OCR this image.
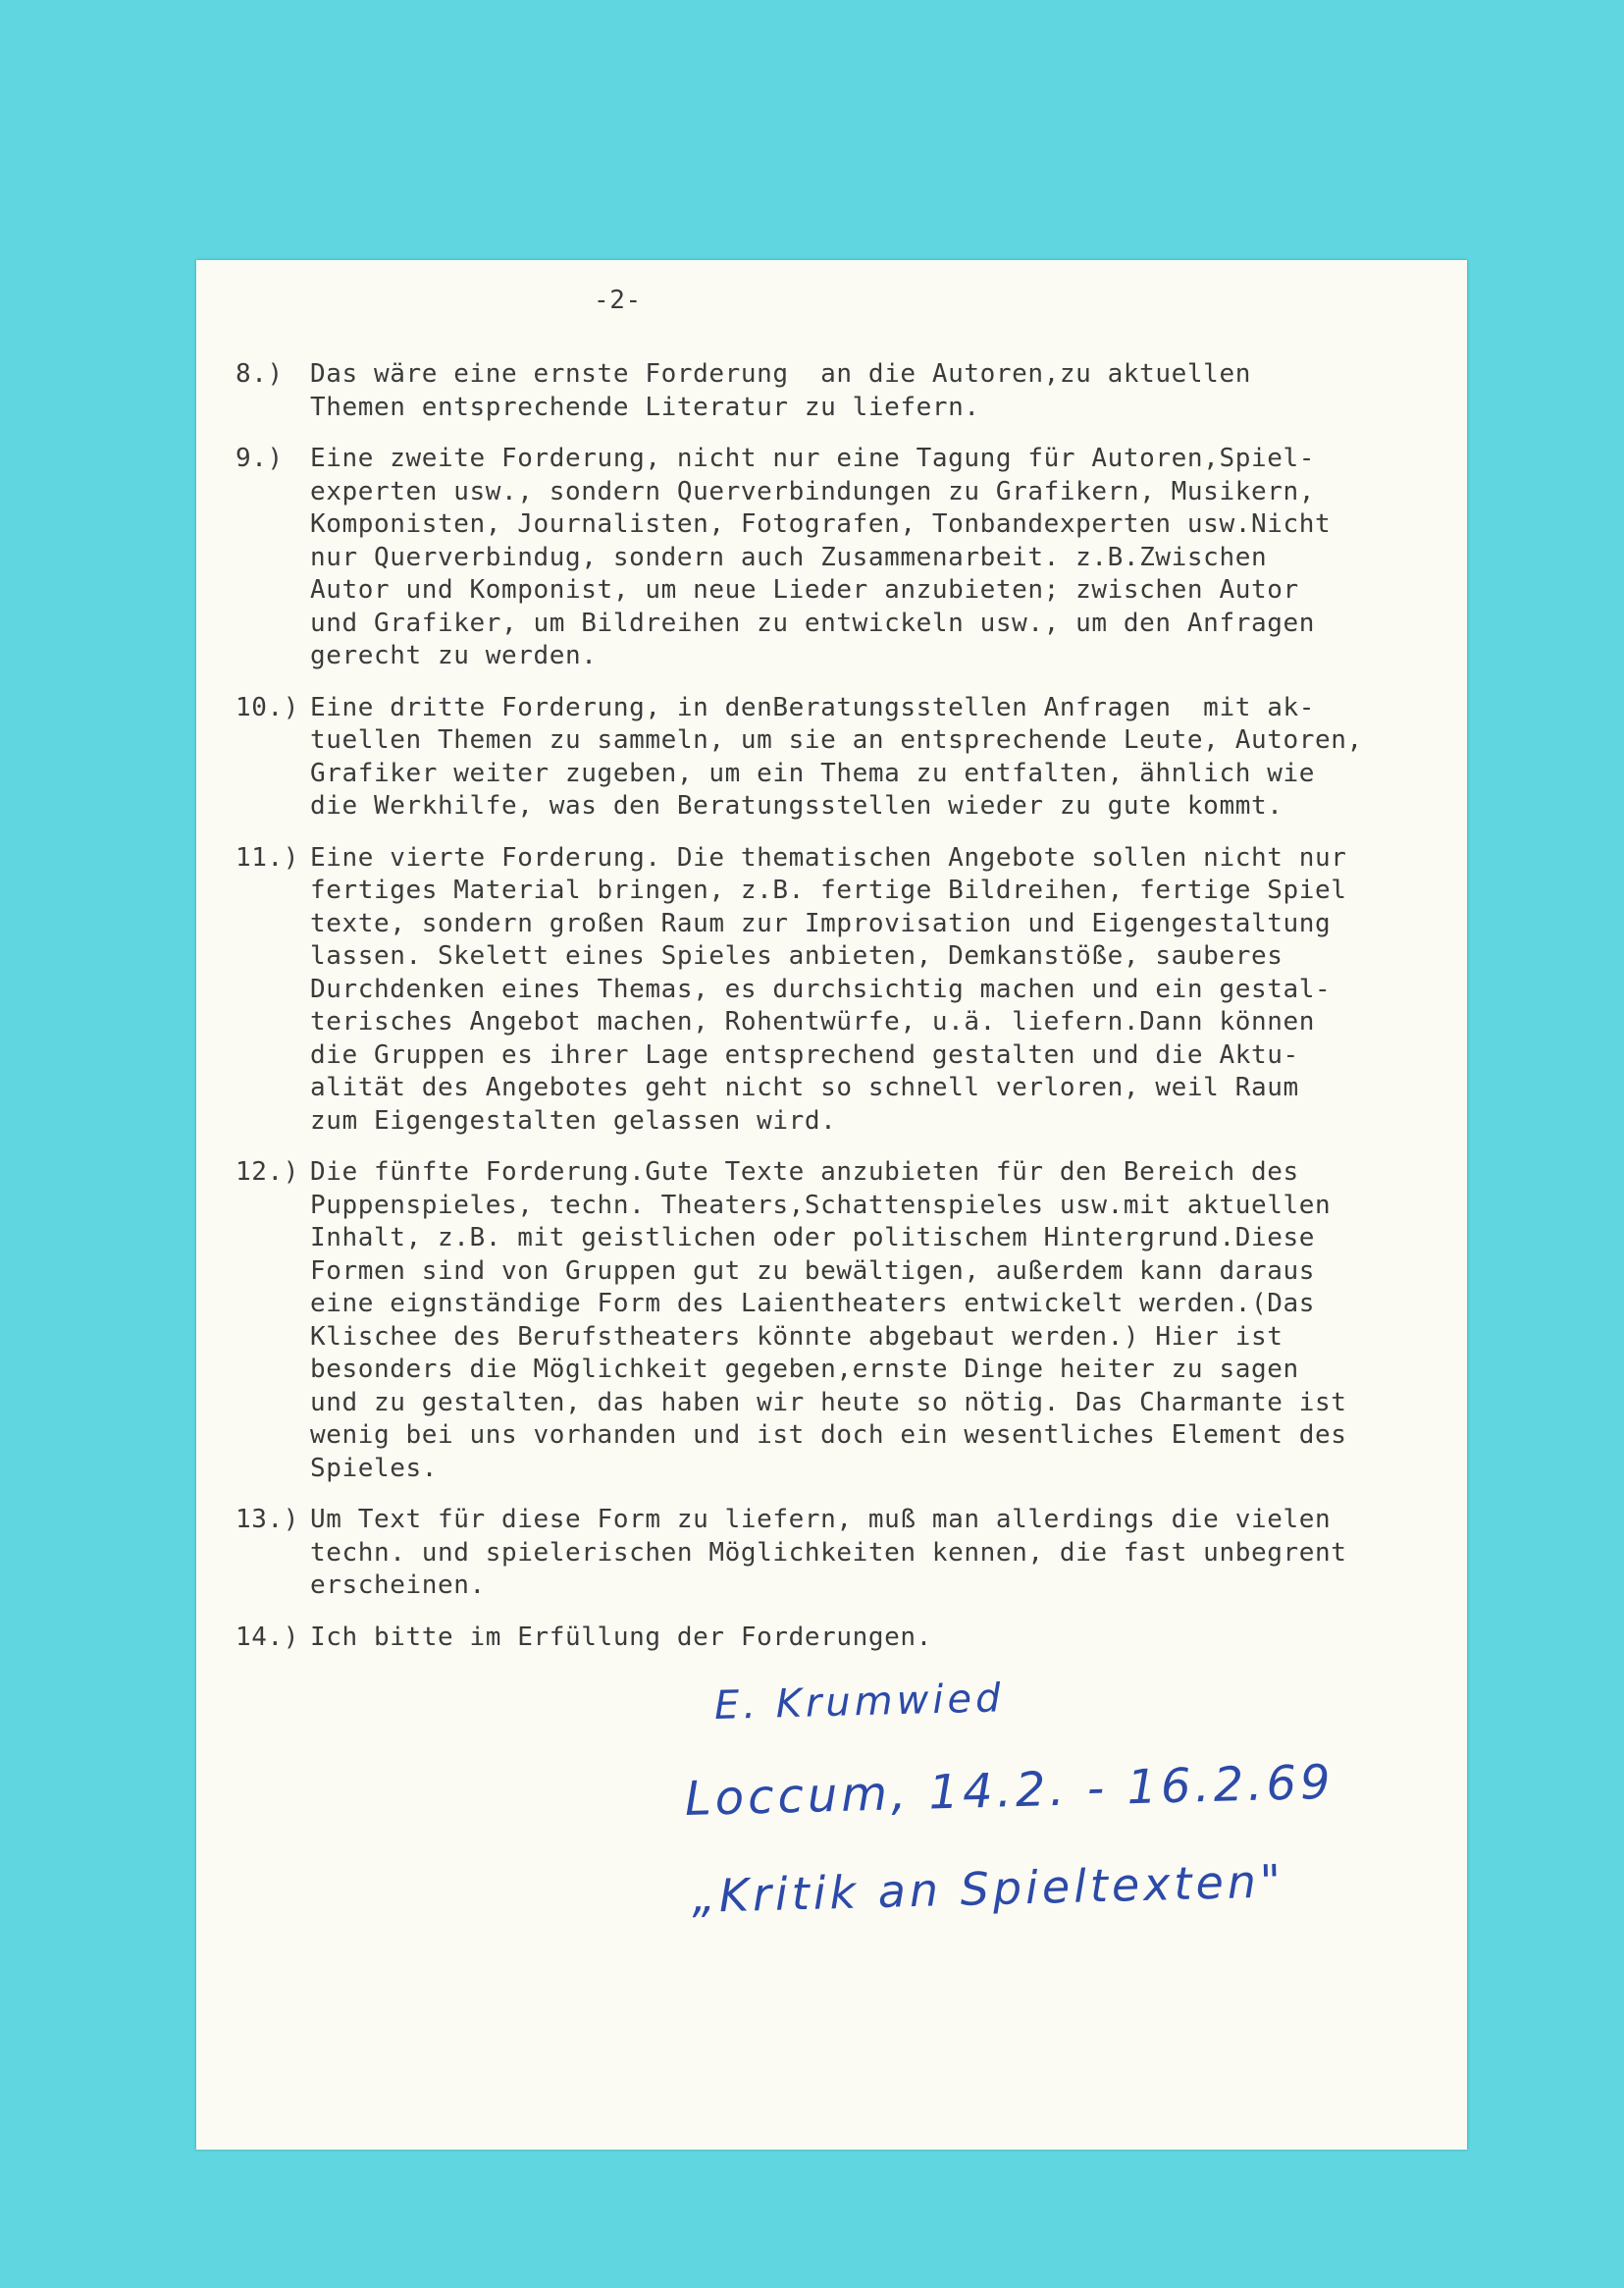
-2-

8.)	Das wäre eine ernste Forderung  an die Autoren,zu aktuellen
Themen entsprechende Literatur zu liefern.
9.)	Eine zweite Forderung, nicht nur eine Tagung für Autoren,Spiel-
experten usw., sondern Querverbindungen zu Grafikern, Musikern,
Komponisten, Journalisten, Fotografen, Tonbandexperten usw.Nicht
nur Querverbindug, sondern auch Zusammenarbeit. z.B.Zwischen
Autor und Komponist, um neue Lieder anzubieten; zwischen Autor
und Grafiker, um Bildreihen zu entwickeln usw., um den Anfragen
gerecht zu werden.
10.) Eine dritte Forderung, in denBeratungsstellen Anfragen  mit ak-
tuellen Themen zu sammeln, um sie an entsprechende Leute, Autoren,
Grafiker weiter zugeben, um ein Thema zu entfalten, ähnlich wie
die Werkhilfe, was den Beratungsstellen wieder zu gute kommt.
11.) Eine vierte Forderung. Die thematischen Angebote sollen nicht nur
fertiges Material bringen, z.B. fertige Bildreihen, fertige Spiel
texte, sondern großen Raum zur Improvisation und Eigengestaltung
lassen. Skelett eines Spieles anbieten, Demkanstöße, sauberes
Durchdenken eines Themas, es durchsichtig machen und ein gestal-
terisches Angebot machen, Rohentwürfe, u.ä. liefern.Dann können
die Gruppen es ihrer Lage entsprechend gestalten und die Aktu-
alität des Angebotes geht nicht so schnell verloren, weil Raum
zum Eigengestalten gelassen wird.
12.) Die fünfte Forderung.Gute Texte anzubieten für den Bereich des
Puppenspieles, techn. Theaters,Schattenspieles usw.mit aktuellen
Inhalt, z.B. mit geistlichen oder politischem Hintergrund.Diese
Formen sind von Gruppen gut zu bewältigen, außerdem kann daraus
eine eignständige Form des Laientheaters entwickelt werden.(Das
Klischee des Berufstheaters könnte abgebaut werden.) Hier ist
besonders die Möglichkeit gegeben,ernste Dinge heiter zu sagen
und zu gestalten, das haben wir heute so nötig. Das Charmante ist
wenig bei uns vorhanden und ist doch ein wesentliches Element des
Spieles.
13.) Um Text für diese Form zu liefern, muß man allerdings die vielen
techn. und spielerischen Möglichkeiten kennen, die fast unbegrent
erscheinen.
14.) Ich bitte im Erfüllung der Forderungen.
E. Krumwied
Loccum, 14.2. - 16.2.69
„Kritik an Spieltexten"
